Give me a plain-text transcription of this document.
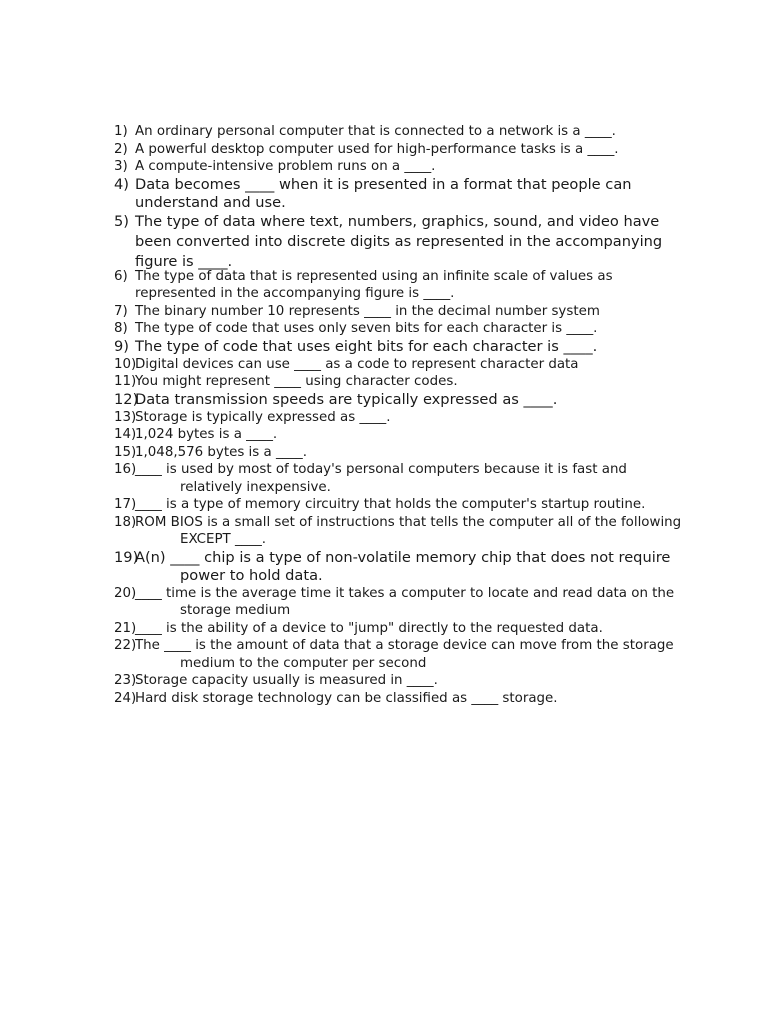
1) An ordinary personal computer that is connected to a network is a ____.
2) A powerful desktop computer used for high-performance tasks is a ____.
3) A compute-intensive problem runs on a ____.
4) Data becomes ____ when it is presented in a format that people can understand and use.
5) The type of data where text, numbers, graphics, sound, and video have been converted into discrete digits as represented in the accompanying figure is ____.
6) The type of data that is represented using an infinite scale of values as represented in the accompanying figure is ____.
7) The binary number 10 represents ____ in the decimal number system
8) The type of code that uses only seven bits for each character is ____.
9) The type of code that uses eight bits for each character is ____.
10)
Digital devices can use ____ as a code to represent character data
11)
You might represent ____ using character codes.
12)
Data transmission speeds are typically expressed as ____.
13)
Storage is typically expressed as ____.
14)
1,024 bytes is a ____.
15)
1,048,576 bytes is a ____.
16)
____ is used by most of today's personal computers because it is fast and relatively inexpensive.
17)
____ is a type of memory circuitry that holds the computer's startup routine.
18)
ROM BIOS is a small set of instructions that tells the computer all of the following EXCEPT ____.
19)
A(n) ____ chip is a type of non-volatile memory chip that does not require power to hold data.
20)
____ time is the average time it takes a computer to locate and read data on the storage medium
21)
____ is the ability of a device to "jump" directly to the requested data.
22)
The ____ is the amount of data that a storage device can move from the storage medium to the computer per second
23)
Storage capacity usually is measured in ____.
24)
Hard disk storage technology can be classified as ____ storage.
